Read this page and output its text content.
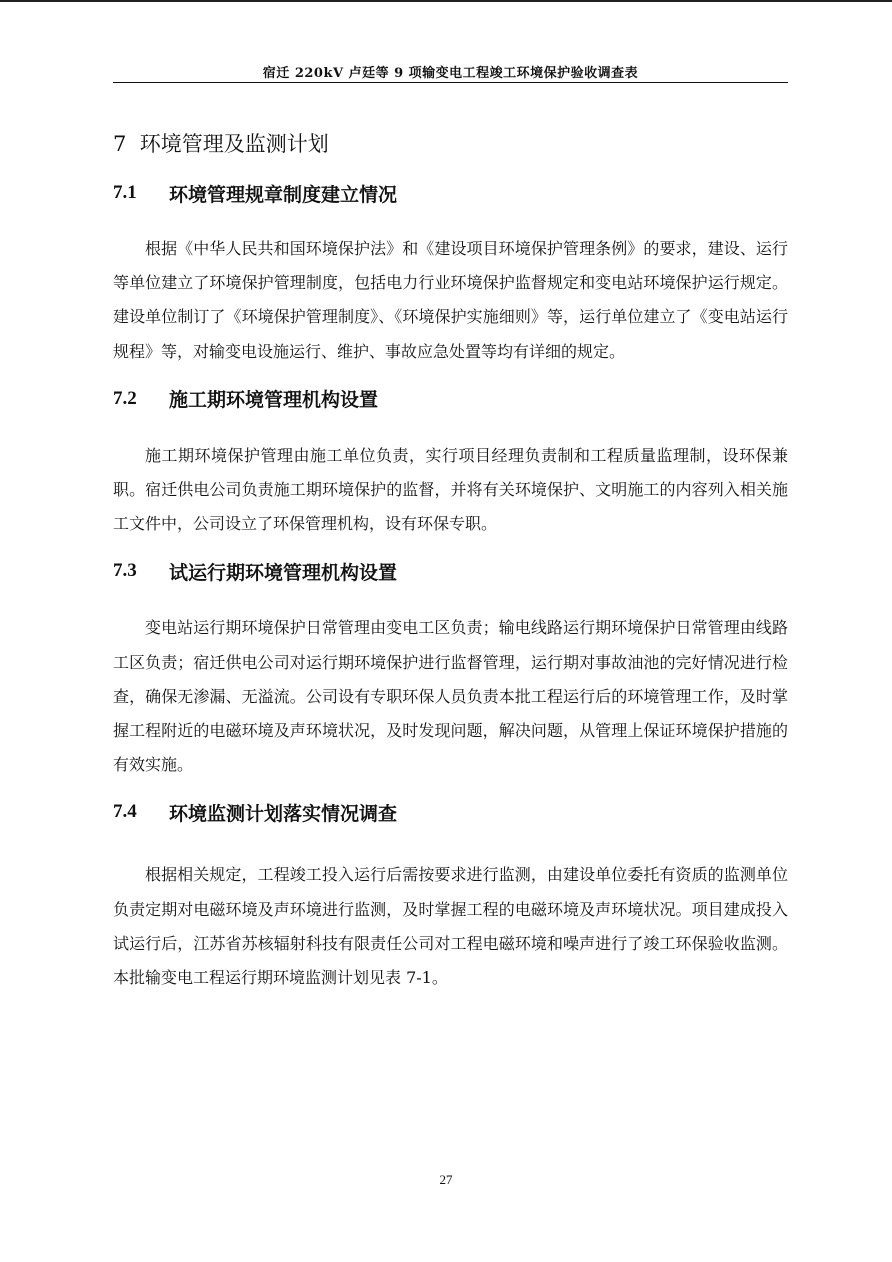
宿迁 220kV 卢廷等 9 项输变电工程竣工环境保护验收调查表
7 环境管理及监测计划
7.1	环境管理规章制度建立情况

根据《中华人民共和国环境保护法》和《建设项目环境保护管理条例》的要求，建设、运行等单位建立了环境保护管理制度，包括电力行业环境保护监督规定和变电站环境保护运行规定。建设单位制订了《环境保护管理制度》、《环境保护实施细则》等，运行单位建立了《变电站运行规程》等，对输变电设施运行、维护、事故应急处置等均有详细的规定。

7.2	施工期环境管理机构设置

施工期环境保护管理由施工单位负责，实行项目经理负责制和工程质量监理制，设环保兼职。宿迁供电公司负责施工期环境保护的监督，并将有关环境保护、文明施工的内容列入相关施工文件中，公司设立了环保管理机构，设有环保专职。

7.3	试运行期环境管理机构设置

变电站运行期环境保护日常管理由变电工区负责；输电线路运行期环境保护日常管理由线路工区负责；宿迁供电公司对运行期环境保护进行监督管理，运行期对事故油池的完好情况进行检查，确保无渗漏、无溢流。公司设有专职环保人员负责本批工程运行后的环境管理工作，及时掌握工程附近的电磁环境及声环境状况，及时发现问题，解决问题，从管理上保证环境保护措施的有效实施。

7.4	环境监测计划落实情况调查

根据相关规定，工程竣工投入运行后需按要求进行监测，由建设单位委托有资质的监测单位负责定期对电磁环境及声环境进行监测，及时掌握工程的电磁环境及声环境状况。项目建成投入试运行后，江苏省苏核辐射科技有限责任公司对工程电磁环境和噪声进行了竣工环保验收监测。本批输变电工程运行期环境监测计划见表 7-1。

27
